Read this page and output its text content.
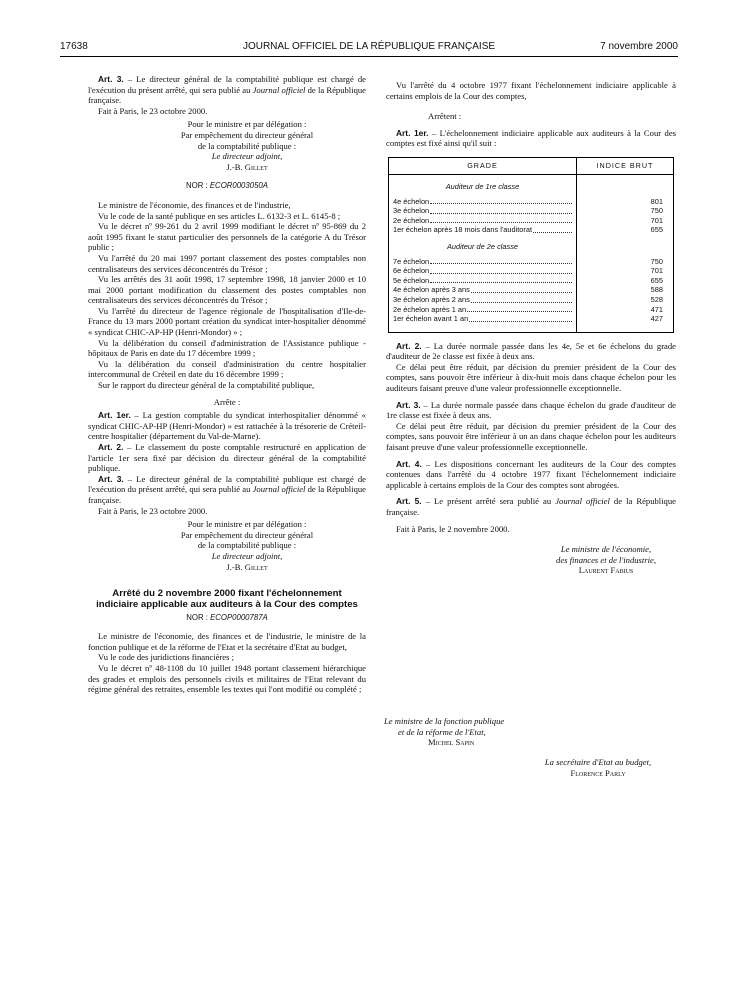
17638	JOURNAL OFFICIEL DE LA RÉPUBLIQUE FRANÇAISE	7 novembre 2000

Art. 3. – Le directeur général de la comptabilité publique est chargé de l'exécution du présent arrêté, qui sera publié au Journal officiel de la République française.

Fait à Paris, le 23 octobre 2000.

Pour le ministre et par délégation :

Par empêchement du directeur général

de la comptabilité publique :

Le directeur adjoint,

J.-B. Gillet

NOR : ECOR0003050A

Le ministre de l'économie, des finances et de l'industrie,

Vu le code de la santé publique en ses articles L. 6132-3 et L. 6145-8 ;

Vu le décret nº 99-261 du 2 avril 1999 modifiant le décret nº 95-869 du 2 août 1995 fixant le statut particulier des personnels de la catégorie A du Trésor public ;

Vu l'arrêté du 20 mai 1997 portant classement des postes comptables non centralisateurs des services déconcentrés du Trésor ;

Vu les arrêtés des 31 août 1998, 17 septembre 1998, 18 janvier 2000 et 10 mai 2000 portant modification du classement des postes comptables non centralisateurs des services déconcentrés du Trésor ;

Vu l'arrêté du directeur de l'agence régionale de l'hospitalisation d'Ile-de-France du 13 mars 2000 portant création du syndicat inter-hospitalier dénommé « syndicat CHIC-AP-HP (Henri-Mondor) » ;

Vu la délibération du conseil d'administration de l'Assistance publique - hôpitaux de Paris en date du 17 décembre 1999 ;

Vu la délibération du conseil d'administration du centre hospitalier intercommunal de Créteil en date du 16 décembre 1999 ;

Sur le rapport du directeur général de la comptabilité publique,

Arrête :

Art. 1er. – La gestion comptable du syndicat interhospitalier dénommé « syndicat CHIC-AP-HP (Henri-Mondor) » est rattachée à la trésorerie de Créteil-centre hospitalier (département du Val-de-Marne).

Art. 2. – Le classement du poste comptable restructuré en application de l'article 1er sera fixé par décision du directeur général de la comptabilité publique.

Art. 3. – Le directeur général de la comptabilité publique est chargé de l'exécution du présent arrêté, qui sera publié au Journal officiel de la République française.

Fait à Paris, le 23 octobre 2000.

Pour le ministre et par délégation :

Par empêchement du directeur général

de la comptabilité publique :

Le directeur adjoint,

J.-B. Gillet

Arrêté du 2 novembre 2000 fixant l'échelonnement
indiciaire applicable aux auditeurs à la Cour des comptes

NOR : ECOP0000787A

Le ministre de l'économie, des finances et de l'industrie, le ministre de la fonction publique et de la réforme de l'Etat et la secrétaire d'Etat au budget,

Vu le code des juridictions financières ;

Vu le décret nº 48-1108 du 10 juillet 1948 portant classement hiérarchique des grades et emplois des personnels civils et militaires de l'Etat relevant du régime général des retraites, ensemble les textes qui l'ont modifié ou complété ;

Vu l'arrêté du 4 octobre 1977 fixant l'échelonnement indiciaire applicable à certains emplois de la Cour des comptes,

Arrêtent :

Art. 1er. – L'échelonnement indiciaire applicable aux auditeurs à la Cour des comptes est fixé ainsi qu'il suit :

GRADE	INDICE BRUT

Auditeur de 1re classe	

4e échelon	801

3e échelon	750

2e échelon	701

1er échelon après 18 mois dans l'auditorat	655

Auditeur de 2e classe	

7e échelon	750

6e échelon	701

5e échelon	655

4e échelon après 3 ans	588

3e échelon après 2 ans	528

2e échelon après 1 an	471

1er échelon avant 1 an	427

Art. 2. – La durée normale passée dans les 4e, 5e et 6e échelons du grade d'auditeur de 2e classe est fixée à deux ans.

Ce délai peut être réduit, par décision du premier président de la Cour des comptes, sans pouvoir être inférieur à dix-huit mois dans chaque échelon pour les auditeurs faisant preuve d'une valeur professionnelle exceptionnelle.

Art. 3. – La durée normale passée dans chaque échelon du grade d'auditeur de 1re classe est fixée à deux ans.

Ce délai peut être réduit, par décision du premier président de la Cour des comptes, sans pouvoir être inférieur à un an dans chaque échelon pour les auditeurs faisant preuve d'une valeur professionnelle exceptionnelle.

Art. 4. – Les dispositions concernant les auditeurs de la Cour des comptes contenues dans l'arrêté du 4 octobre 1977 fixant l'échelonnement indiciaire applicable à certains emplois de la Cour des comptes sont abrogées.

Art. 5. – Le présent arrêté sera publié au Journal officiel de la République française.

Fait à Paris, le 2 novembre 2000.

Le ministre de l'économie,

des finances et de l'industrie,

Laurent Fabius

Le ministre de la fonction publique

et de la réforme de l'Etat,

Michel Sapin

La secrétaire d'Etat au budget,

Florence Parly
